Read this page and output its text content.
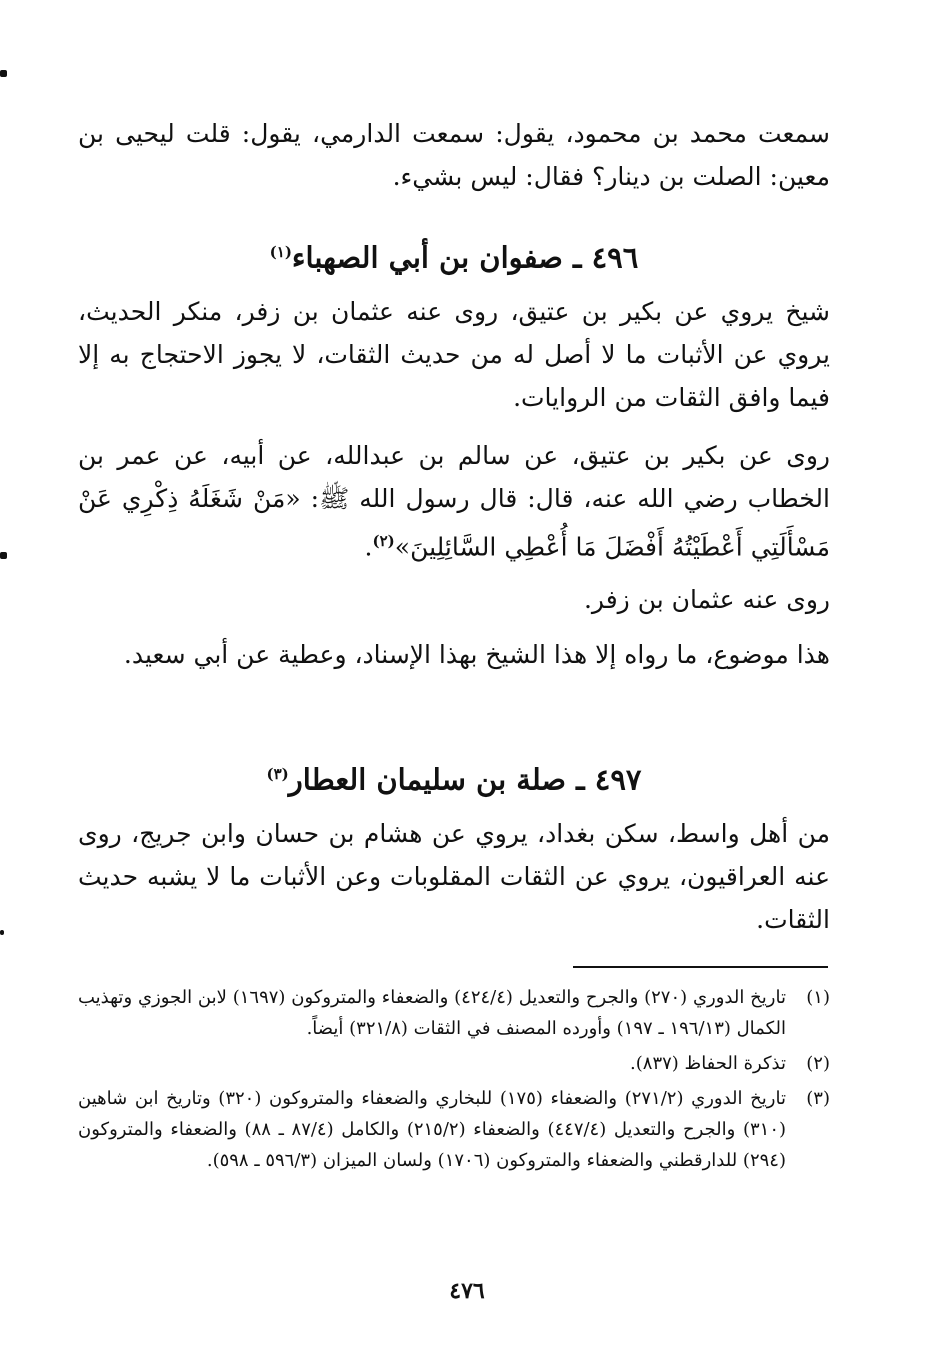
سمعت محمد بن محمود، يقول: سمعت الدارمي، يقول: قلت ليحيى بن معين: الصلت بن دينار؟ فقال: ليس بشيء.

٤٩٦ ـ صفوان بن أبي الصهباء$^{(١)}$

شيخ يروي عن بكير بن عتيق، روى عنه عثمان بن زفر، منكر الحديث، يروي عن الأثبات ما لا أصل له من حديث الثقات، لا يجوز الاحتجاج به إلا فيما وافق الثقات من الروايات.

روى عن بكير بن عتيق، عن سالم بن عبدالله، عن أبيه، عن عمر بن الخطاب رضي الله عنه، قال: قال رسول الله ﷺ: «مَنْ شَغَلَهُ ذِكْرِي عَنْ مَسْأَلَتِي أَعْطَيْتُهُ أَفْضَلَ مَا أُعْطِي السَّائِلِينَ»$^{(٢)}$.

روى عنه عثمان بن زفر.

هذا موضوع، ما رواه إلا هذا الشيخ بهذا الإسناد، وعطية عن أبي سعيد.

٤٩٧ ـ صلة بن سليمان العطار$^{(٣)}$

من أهل واسط، سكن بغداد، يروي عن هشام بن حسان وابن جريج، روى عنه العراقيون، يروي عن الثقات المقلوبات وعن الأثبات ما لا يشبه حديث الثقات.

(١)
تاريخ الدوري (٢٧٠) والجرح والتعديل (٤٢٤/٤) والضعفاء والمتروكون (١٦٩٧) لابن الجوزي وتهذيب الكمال (١٩٦/١٣ ـ ١٩٧) وأورده المصنف في الثقات (٣٢١/٨) أيضاً.
(٢)
تذكرة الحفاظ (٨٣٧).
(٣)
تاريخ الدوري (٢٧١/٢) والضعفاء (١٧٥) للبخاري والضعفاء والمتروكون (٣٢٠) وتاريخ ابن شاهين (٣١٠) والجرح والتعديل (٤٤٧/٤) والضعفاء (٢١٥/٢) والكامل (٨٧/٤ ـ ٨٨) والضعفاء والمتروكون (٢٩٤) للدارقطني والضعفاء والمتروكون (١٧٠٦) ولسان الميزان (٥٩٦/٣ ـ ٥٩٨).
٤٧٦
